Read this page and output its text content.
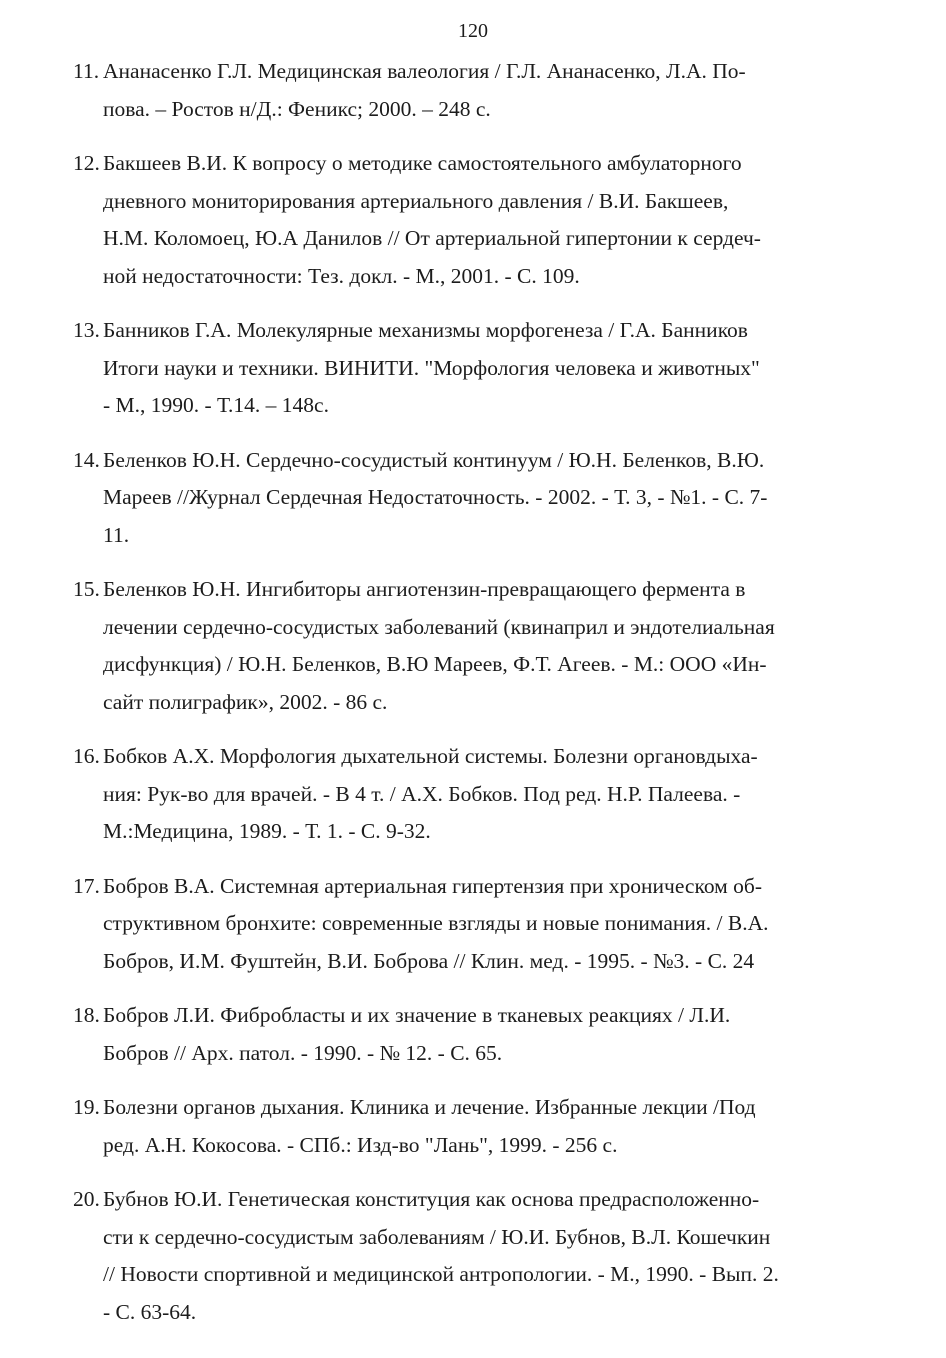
120
11. Ананасенко Г.Л. Медицинская валеология / Г.Л. Ананасенко, Л.А. По-
пова. – Ростов н/Д.: Феникс; 2000. – 248 с.
12. Бакшеев В.И. К вопросу о методике самостоятельного амбулаторного
дневного мониторирования артериального давления / В.И. Бакшеев,
Н.М. Коломоец, Ю.А Данилов // От артериальной гипертонии к сердеч-
ной недостаточности: Тез. докл. - М., 2001. - С. 109.
13. Банников Г.А. Молекулярные механизмы морфогенеза / Г.А. Банников
Итоги науки и техники. ВИНИТИ. "Морфология человека и животных"
- М., 1990. - Т.14. – 148с.
14. Беленков Ю.Н. Сердечно-сосудистый континуум / Ю.Н. Беленков, В.Ю.
Мареев //Журнал Сердечная Недостаточность. - 2002. - Т. 3, - №1. - С. 7-
11.
15. Беленков Ю.Н. Ингибиторы ангиотензин-превращающего фермента в
лечении сердечно-сосудистых заболеваний (квинаприл и эндотелиальная
дисфункция) / Ю.Н. Беленков, В.Ю Мареев, Ф.Т. Агеев. - М.: ООО «Ин-
сайт полиграфик», 2002. - 86 с.
16. Бобков А.Х. Морфология дыхательной системы. Болезни органовдыха-
ния: Рук-во для врачей. - В 4 т. / А.Х. Бобков. Под ред. Н.Р. Палеева. -
М.:Медицина, 1989. - Т. 1. - С. 9-32.
17. Бобров В.А. Системная артериальная гипертензия при хроническом об-
структивном бронхите: современные взгляды и новые понимания. / В.А.
Бобров, И.М. Фуштейн, В.И. Боброва // Клин. мед. - 1995. - №3. - С. 24
18. Бобров Л.И. Фибробласты и их значение в тканевых реакциях / Л.И.
Бобров // Арх. патол. - 1990. - № 12. - С. 65.
19. Болезни органов дыхания. Клиника и лечение. Избранные лекции /Под
ред. А.Н. Кокосова. - СПб.: Изд-во "Лань", 1999. - 256 с.
20. Бубнов Ю.И. Генетическая конституция как основа предрасположенно-
сти к сердечно-сосудистым заболеваниям / Ю.И. Бубнов, В.Л. Кошечкин
// Новости спортивной и медицинской антропологии. - М., 1990. - Вып. 2.
- С. 63-64.
